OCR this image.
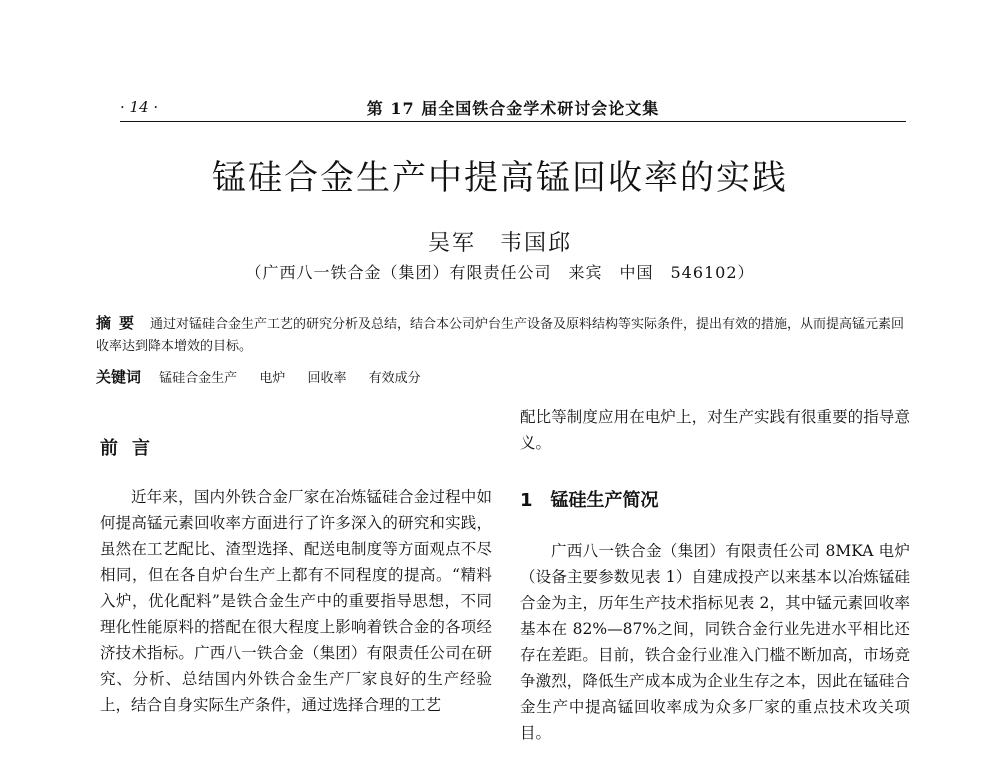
· 14 ·	第 17 届全国铁合金学术研讨会论文集
锰硅合金生产中提高锰回收率的实践
吴军　韦国邱
（广西八一铁合金（集团）有限责任公司　来宾　中国　546102）
摘要 通过对锰硅合金生产工艺的研究分析及总结，结合本公司炉台生产设备及原料结构等实际条件，提出有效的措施，从而提高锰元素回收率达到降本增效的目标。
关键词 锰硅合金生产 电炉 回收率 有效成分
前言
近年来，国内外铁合金厂家在冶炼锰硅合金过程中如何提高锰元素回收率方面进行了许多深入的研究和实践，虽然在工艺配比、渣型选择、配送电制度等方面观点不尽相同，但在各自炉台生产上都有不同程度的提高。“精料入炉，优化配料”是铁合金生产中的重要指导思想，不同理化性能原料的搭配在很大程度上影响着铁合金的各项经济技术指标。广西八一铁合金（集团）有限责任公司在研究、分析、总结国内外铁合金生产厂家良好的生产经验上，结合自身实际生产条件，通过选择合理的工艺
配比等制度应用在电炉上，对生产实践有很重要的指导意义。
1 锰硅生产简况
广西八一铁合金（集团）有限责任公司 8MKA 电炉（设备主要参数见表 1）自建成投产以来基本以冶炼锰硅合金为主，历年生产技术指标见表 2，其中锰元素回收率基本在 82%—87%之间，同铁合金行业先进水平相比还存在差距。目前，铁合金行业准入门槛不断加高，市场竞争激烈，降低生产成本成为企业生存之本，因此在锰硅合金生产中提高锰回收率成为众多厂家的重点技术攻关项目。
